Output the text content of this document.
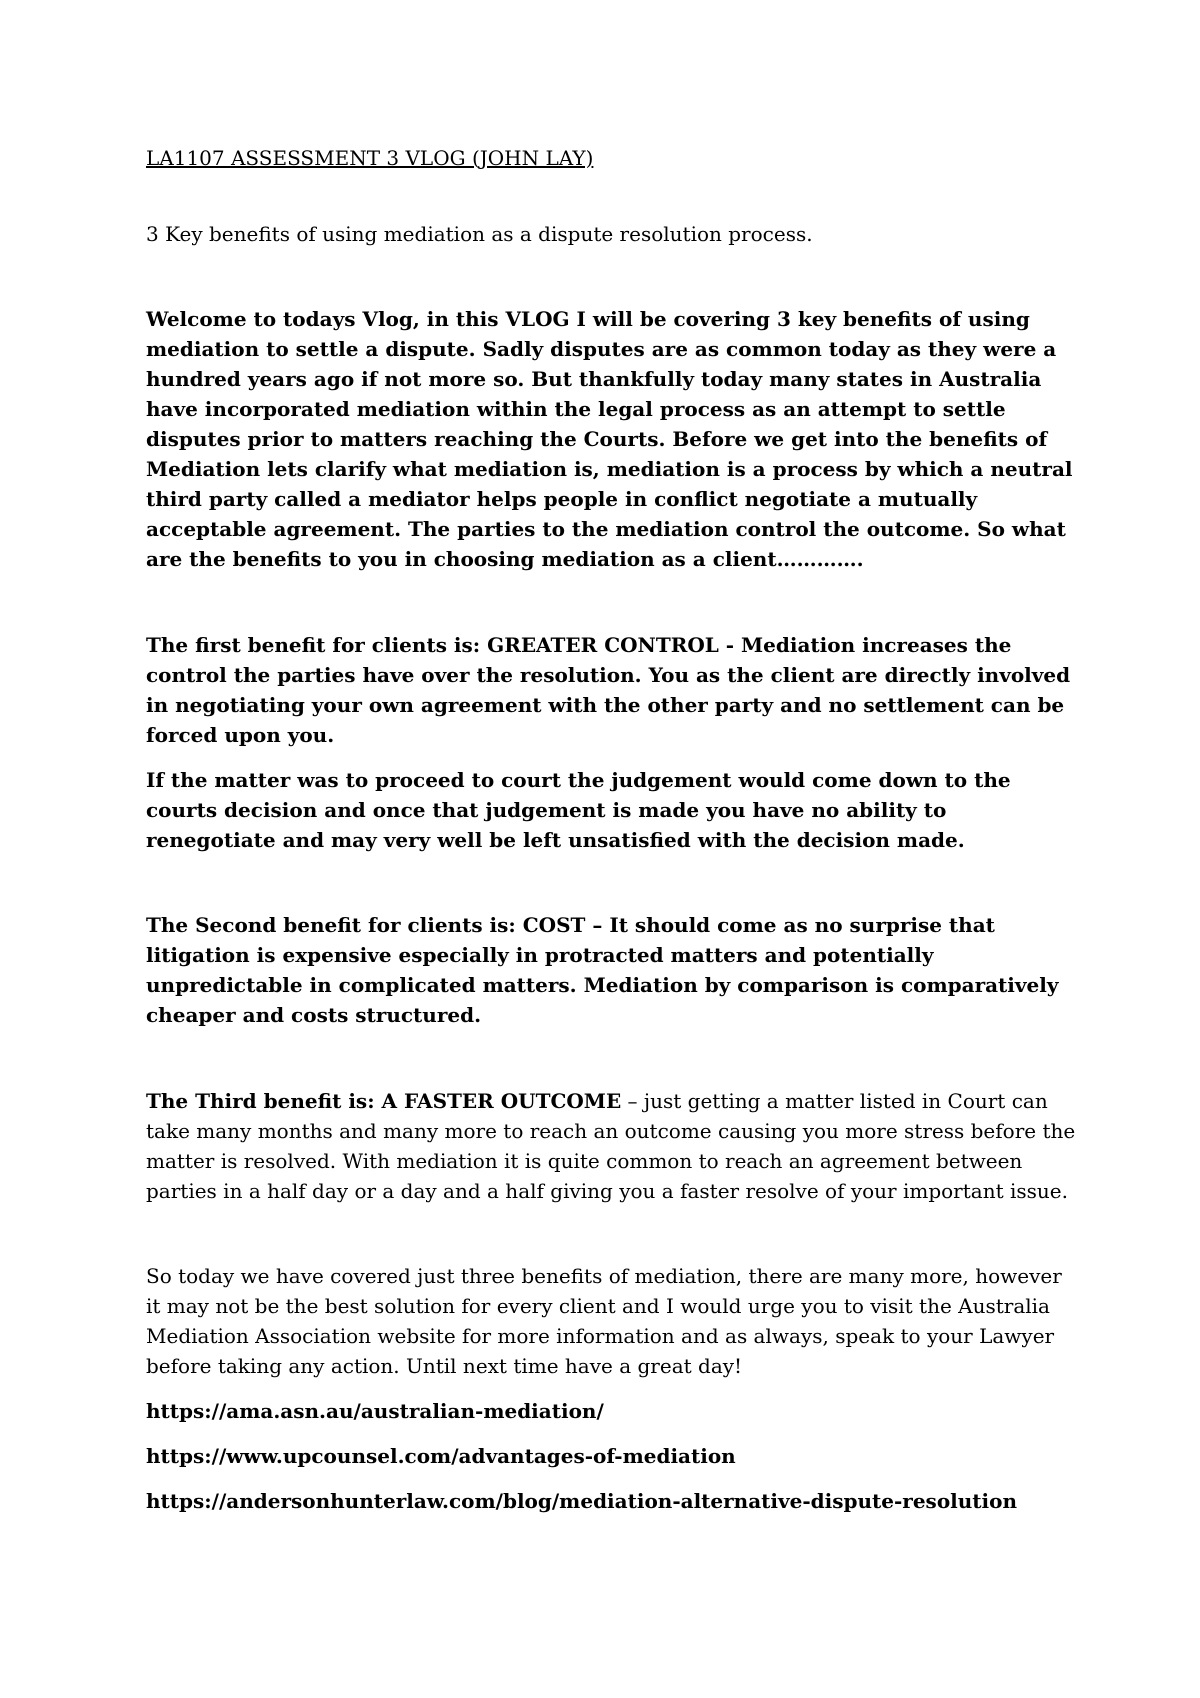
LA1107 ASSESSMENT 3 VLOG (JOHN LAY)

3 Key benefits of using mediation as a dispute resolution process.

Welcome to todays Vlog, in this VLOG I will be covering 3 key benefits of using mediation to settle a dispute. Sadly disputes are as common today as they were a hundred years ago if not more so. But thankfully today many states in Australia have incorporated mediation within the legal process as an attempt to settle disputes prior to matters reaching the Courts. Before we get into the benefits of Mediation lets clarify what mediation is, mediation is a process by which a neutral third party called a mediator helps people in conflict negotiate a mutually acceptable agreement. The parties to the mediation control the outcome. So what are the benefits to you in choosing mediation as a client………….

The first benefit for clients is: GREATER CONTROL - Mediation increases the control the parties have over the resolution. You as the client are directly involved in negotiating your own agreement with the other party and no settlement can be forced upon you.

If the matter was to proceed to court the judgement would come down to the courts decision and once that judgement is made you have no ability to renegotiate and may very well be left unsatisfied with the decision made.

The Second benefit for clients is: COST – It should come as no surprise that litigation is expensive especially in protracted matters and potentially unpredictable in complicated matters. Mediation by comparison is comparatively cheaper and costs structured.

The Third benefit is: A FASTER OUTCOME – just getting a matter listed in Court can take many months and many more to reach an outcome causing you more stress before the matter is resolved. With mediation it is quite common to reach an agreement between parties in a half day or a day and a half giving you a faster resolve of your important issue.

So today we have covered just three benefits of mediation, there are many more, however it may not be the best solution for every client and I would urge you to visit the Australia Mediation Association website for more information and as always, speak to your Lawyer before taking any action. Until next time have a great day!

https://ama.asn.au/australian-mediation/
https://www.upcounsel.com/advantages-of-mediation
https://andersonhunterlaw.com/blog/mediation-alternative-dispute-resolution
